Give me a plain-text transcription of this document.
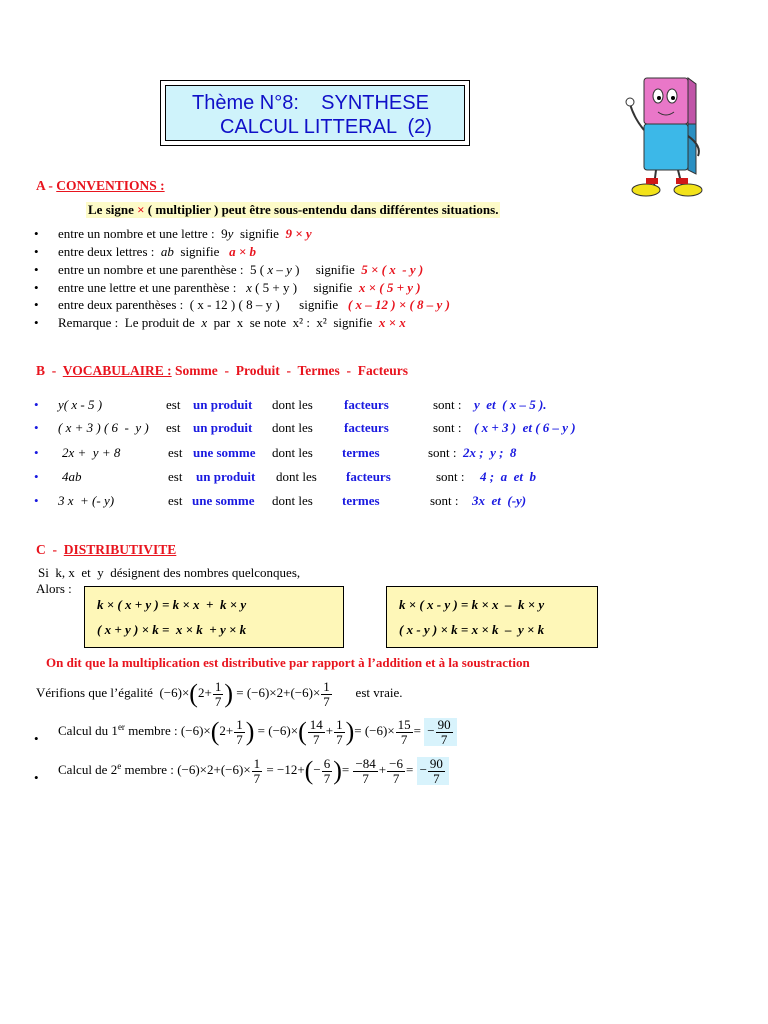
Thème N°8:    SYNTHESE
CALCUL LITTERAL  (2)
A - CONVENTIONS :
Le signe × ( multiplier ) peut être sous-entendu dans différentes situations.
• entre un nombre et une lettre :  9y  signifie  9 × y
• entre deux lettres :  ab  signifie   a × b
• entre un nombre et une parenthèse :  5 ( x – y )     signifie  5 × ( x  - y )
• entre une lettre et une parenthèse :   x ( 5 + y )     signifie  x × ( 5 + y )
• entre deux parenthèses :  ( x - 12 ) ( 8 – y )      signifie   ( x – 12 ) × ( 8 – y )
• Remarque :  Le produit de  x  par  x  se note  x² :  x²  signifie  x × x
B  -  VOCABULAIRE : Somme  -  Produit  -  Termes  -  Facteurs
• y( x - 5 )	est un produit dont les facteurs	sont : y  et  ( x – 5 ).
• ( x + 3 ) ( 6  -  y ) est un produit dont les facteurs	sont : ( x + 3 )  et ( 6 – y )
• 2x +  y + 8	est une somme dont les termes	sont : 2x ;  y ;  8
• 4ab	est un produit dont les facteurs	sont : 4 ;  a  et  b
• 3 x  + (- y)	est une somme dont les termes	sont : 3x  et  (-y)
C  -  DISTRIBUTIVITE
Si  k, x  et  y  désignent des nombres quelconques,
Alors :
k × ( x + y ) = k × x  +  k × y
( x + y ) × k =  x × k  + y × k
k × ( x - y ) = k × x  –  k × y
( x - y ) × k = x × k  –  y × k
On dit que la multiplication est distributive par rapport à l’addition et à la soustraction
Vérifions que l’égalité  $(-6)\times(2+ \frac{1}{7}$ ) = $(-6)\times 2+(-6)\times \frac{1}{7}$ est vraie.
•
Calcul du 1er membre : $(-6)\times(2+ \frac{1}{7}$ ) = $(-6)\times( \frac{14}{7} + \frac{1}{7}$ )= $(-6)\times \frac{15}{7}$ = − $\frac{90}{7}$
•
Calcul de 2e membre : $(-6)\times 2+(-6)\times \frac{1}{7} = -12+(- \frac{6}{7}$ )= $\frac{-84}{7} + \frac{-6}{7}$ = − $\frac{90}{7}$
